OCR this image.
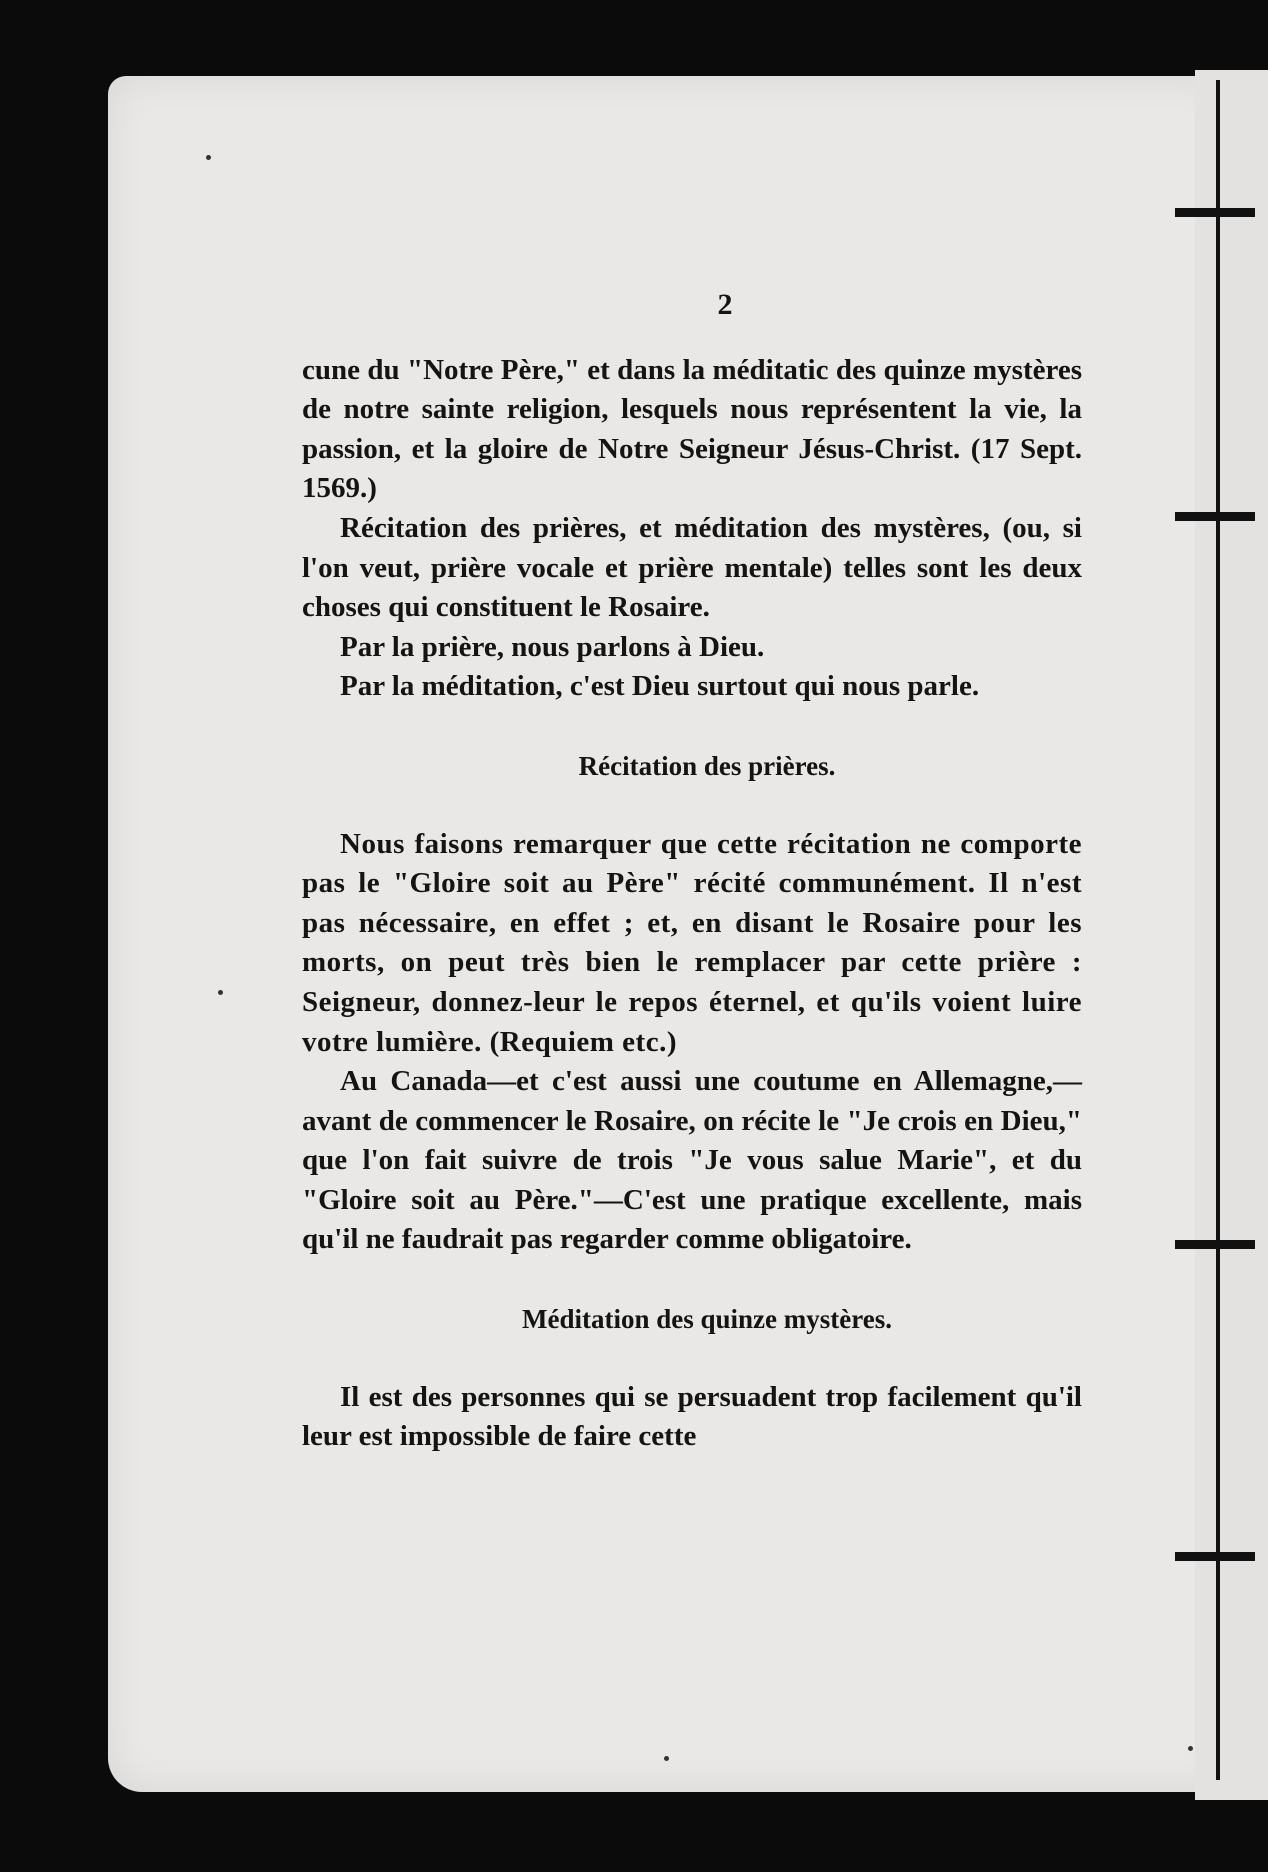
2

cune du "Notre Père," et dans la méditatic des quinze mystères de notre sainte religion, lesquels nous représentent la vie, la passion, et la gloire de Notre Seigneur Jésus-Christ. (17 Sept. 1569.)

Récitation des prières, et méditation des mystères, (ou, si l'on veut, prière vocale et prière mentale) telles sont les deux choses qui constituent le Rosaire.

Par la prière, nous parlons à Dieu.

Par la méditation, c'est Dieu surtout qui nous parle.

Récitation des prières.

Nous faisons remarquer que cette récitation ne comporte pas le "Gloire soit au Père" récité communément. Il n'est pas nécessaire, en effet ; et, en disant le Rosaire pour les morts, on peut très bien le remplacer par cette prière : Seigneur, donnez-leur le repos éternel, et qu'ils voient luire votre lumière. (Requiem etc.)

Au Canada—et c'est aussi une coutume en Allemagne,—avant de commencer le Rosaire, on récite le "Je crois en Dieu," que l'on fait suivre de trois "Je vous salue Marie", et du "Gloire soit au Père."—C'est une pratique excellente, mais qu'il ne faudrait pas regarder comme obligatoire.

Méditation des quinze mystères.

Il est des personnes qui se persuadent trop facilement qu'il leur est impossible de faire cette
